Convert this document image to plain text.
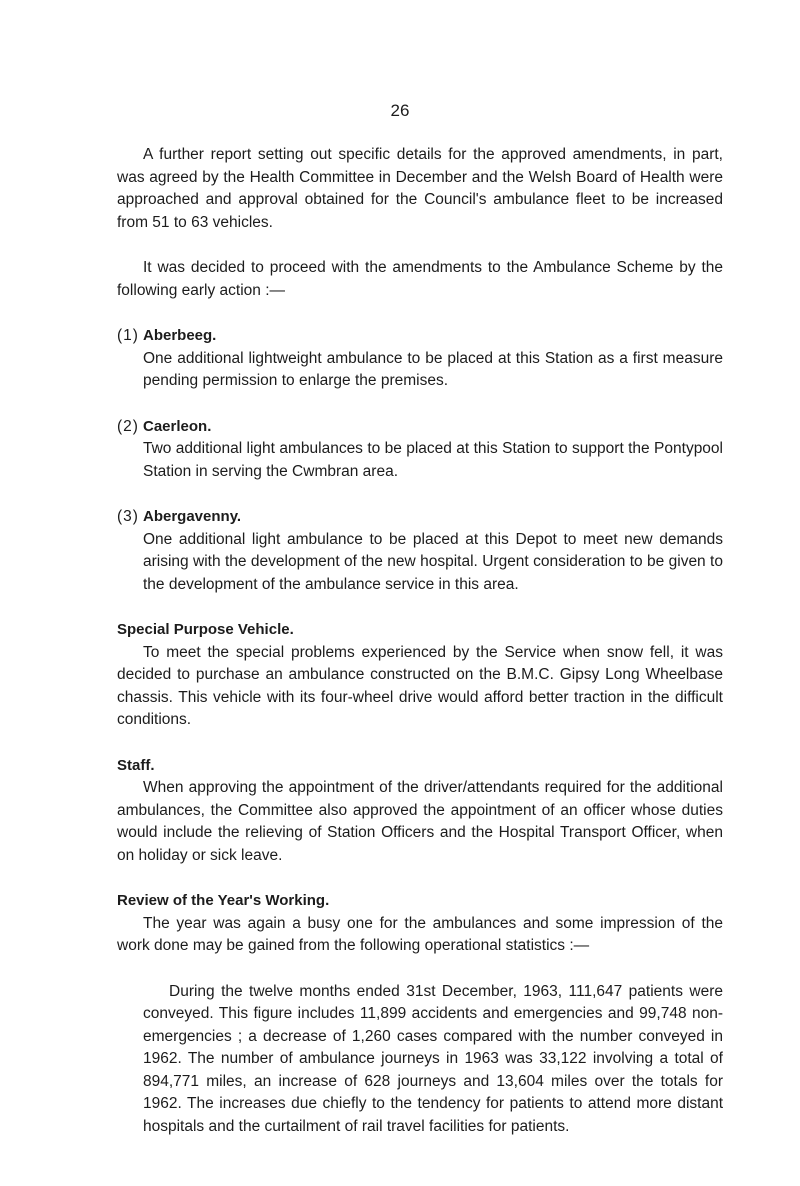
26

A further report setting out specific details for the approved amendments, in part, was agreed by the Health Committee in December and the Welsh Board of Health were approached and approval obtained for the Council's ambulance fleet to be increased from 51 to 63 vehicles.

It was decided to proceed with the amendments to the Ambulance Scheme by the following early action :—

(1) Aberbeeg.
One additional lightweight ambulance to be placed at this Station as a first measure pending permission to enlarge the premises.
(2) Caerleon.
Two additional light ambulances to be placed at this Station to support the Pontypool Station in serving the Cwmbran area.
(3) Abergavenny.
One additional light ambulance to be placed at this Depot to meet new demands arising with the development of the new hospital. Urgent consideration to be given to the development of the ambulance service in this area.
Special Purpose Vehicle.

To meet the special problems experienced by the Service when snow fell, it was decided to purchase an ambulance constructed on the B.M.C. Gipsy Long Wheelbase chassis. This vehicle with its four-wheel drive would afford better traction in the difficult conditions.

Staff.

When approving the appointment of the driver/attendants required for the additional ambulances, the Committee also approved the appointment of an officer whose duties would include the relieving of Station Officers and the Hospital Transport Officer, when on holiday or sick leave.

Review of the Year's Working.

The year was again a busy one for the ambulances and some impression of the work done may be gained from the following operational statistics :—

During the twelve months ended 31st December, 1963, 111,647 patients were conveyed. This figure includes 11,899 accidents and emergencies and 99,748 non-emergencies ; a decrease of 1,260 cases compared with the number conveyed in 1962. The number of ambulance journeys in 1963 was 33,122 involving a total of 894,771 miles, an increase of 628 journeys and 13,604 miles over the totals for 1962. The increases due chiefly to the tendency for patients to attend more distant hospitals and the curtailment of rail travel facilities for patients.
